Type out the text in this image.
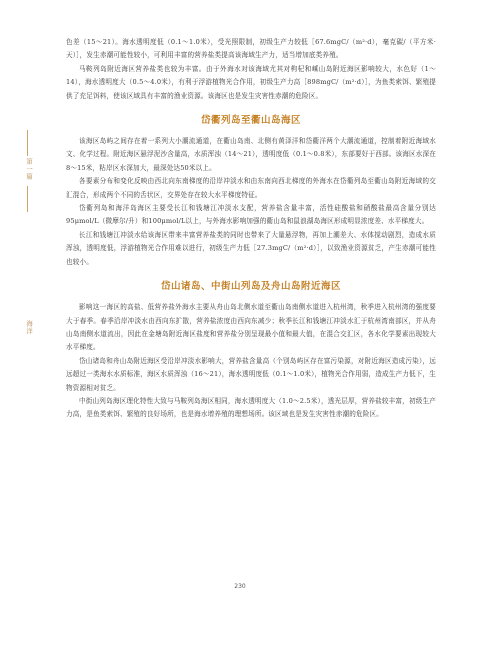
第一篇
海洋

色差（15～21）。海水透明度低（0.1～1.0米），受光照限制，初级生产力较低［67.6mgC/（m²·d），毫克碳/（平方米·天）］，发生赤潮可能性较小，可利用丰富的营养盐类提高该海域生产力，适当增加底类养殖。

马鞍列岛附近海区营养盐类也较为丰富。由于外海水对该海域尤其对枸杞和嵊山岛附近海区影响较大，水色好（1～14），海水透明度大（0.5～4.0米），有利于浮游植物光合作用，初级生产力高［898mgC/（m²·d）］，为鱼类索饵、繁殖提供了充足饵料，使该区域具有丰富的渔业资源。该海区也是发生灾害性赤潮的危险区。

岱衢列岛至衢山岛海区

该海区岛屿之间存在着一系列大小潮流通道，在衢山岛南、北侧有黄泽洋和岱衢洋两个大潮流通道，控制着附近海域水文、化学过程。附近海区悬浮泥沙含量高，水质浑浊（14～21），透明度低（0.1～0.8米），东部要好于西部。该海区水深在8～15米，粘岸区水深加大，最深处达50米以上。

各要素分布和变化反映由西北向东南梯度的沿岸冲淡水和由东南向西北梯度的外海水在岱衢列岛至衢山岛附近海域的交汇混合，形成两个不同的舌状区，交界处存在较大水平梯度特征。

岱衢列岛和海洋岛海区主要受长江和钱塘江冲淡水支配，营养盐含量丰富，活性硅酸盐和硝酸盐最高含量分别达95μmol/L（微摩尔/升）和100μmol/L以上，与外海水影响加强的衢山岛和鼠浪湖岛海区形成明显浓度差、水平梯度大。

长江和钱塘江冲淡水给该海区带来丰富营养盐类的同时也带来了大量悬浮物，再加上潮差大、水体搅动剧烈，造成水质浑浊，透明度低，浮游植物光合作用难以进行，初级生产力低［27.3mgC/（m²·d）］，以致渔业资源贫乏，产生赤潮可能性也较小。

岱山诸岛、中街山列岛及舟山岛附近海区

影响这一海区的高盐、低营养盐外海水主要从舟山岛北侧水道至衢山岛南侧水道进入杭州湾，秋季进入杭州湾的强度要大于春季。春季沿岸冲淡水由西向东扩散，营养盐浓度由西向东减少；秋季长江和钱塘江冲淡水汇于杭州湾南部区，并从舟山岛南侧水道流出，因此在金塘岛附近海区盐度和营养盐分别呈现最小值和最大值，在混合交汇区，各水化学要素出现较大水平梯度。

岱山诸岛和舟山岛附近海区受沿岸冲淡水影响大，营养盐含量高（个别岛屿区存在富污染源，对附近海区造成污染），远远超过一类海水水质标准，海区水质浑浊（16～21），海水透明度低（0.1～1.0米），植物光合作用弱，造成生产力低下，生物资源相对贫乏。

中街山列岛海区理化特性大致与马鞍列岛海区相同，海水透明度大（1.0～2.5米），透光层厚，营养盐较丰富，初级生产力高，是鱼类索饵、繁殖的良好场所，也是海水增养殖的理想场所。该区域也是发生灾害性赤潮的危险区。

230
